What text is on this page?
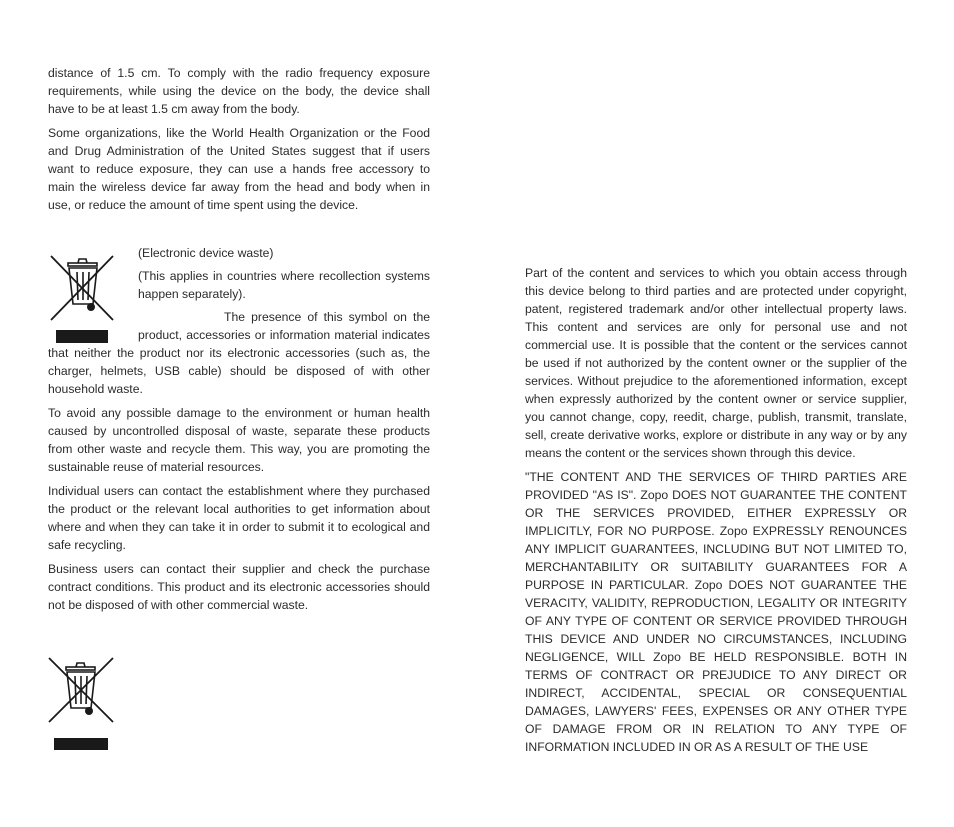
distance of 1.5 cm. To comply with the radio frequency exposure requirements, while using the device on the body, the device shall have to be at least 1.5 cm away from the body.

Some organizations, like the World Health Organization or the Food and Drug Administration of the United States suggest that if users want to reduce exposure, they can use a hands free accessory to main the wireless device far away from the head and body when in use, or reduce the amount of time spent using the device.

(Electronic device waste)

(This applies in countries where recollection systems happen separately).

The presence of this symbol on the product, accessories or information material indicates that neither the product nor its electronic accessories (such as, the charger, helmets, USB cable) should be disposed of with other household waste.

To avoid any possible damage to the environment or human health caused by uncontrolled disposal of waste, separate these products from other waste and recycle them. This way, you are promoting the sustainable reuse of material resources.

Individual users can contact the establishment where they purchased the product or the relevant local authorities to get information about where and when they can take it in order to submit it to ecological and safe recycling.

Business users can contact their supplier and check the purchase contract conditions. This product and its electronic accessories should not be disposed of with other commercial waste.

Part of the content and services to which you obtain access through this device belong to third parties and are protected under copyright, patent, registered trademark and/or other intellectual property laws. This content and services are only for personal use and not commercial use. It is possible that the content or the services cannot be used if not authorized by the content owner or the supplier of the services. Without prejudice to the aforementioned information, except when expressly authorized by the content owner or service supplier, you cannot change, copy, reedit, charge, publish, transmit, translate, sell, create derivative works, explore or distribute in any way or by any means the content or the services shown through this device.

"THE CONTENT AND THE SERVICES OF THIRD PARTIES ARE PROVIDED "AS IS". Zopo DOES NOT GUARANTEE THE CONTENT OR THE SERVICES PROVIDED, EITHER EXPRESSLY OR IMPLICITLY, FOR NO PURPOSE. Zopo EXPRESSLY RENOUNCES ANY IMPLICIT GUARANTEES, INCLUDING BUT NOT LIMITED TO, MERCHANTABILITY OR SUITABILITY GUARANTEES FOR A PURPOSE IN PARTICULAR. Zopo DOES NOT GUARANTEE THE VERACITY, VALIDITY, REPRODUCTION, LEGALITY OR INTEGRITY OF ANY TYPE OF CONTENT OR SERVICE PROVIDED THROUGH THIS DEVICE AND UNDER NO CIRCUMSTANCES, INCLUDING NEGLIGENCE, WILL Zopo BE HELD RESPONSIBLE. BOTH IN TERMS OF CONTRACT OR PREJUDICE TO ANY DIRECT OR INDIRECT, ACCIDENTAL, SPECIAL OR CONSEQUENTIAL DAMAGES, LAWYERS' FEES, EXPENSES OR ANY OTHER TYPE OF DAMAGE FROM OR IN RELATION TO ANY TYPE OF INFORMATION INCLUDED IN OR AS A RESULT OF THE USE
